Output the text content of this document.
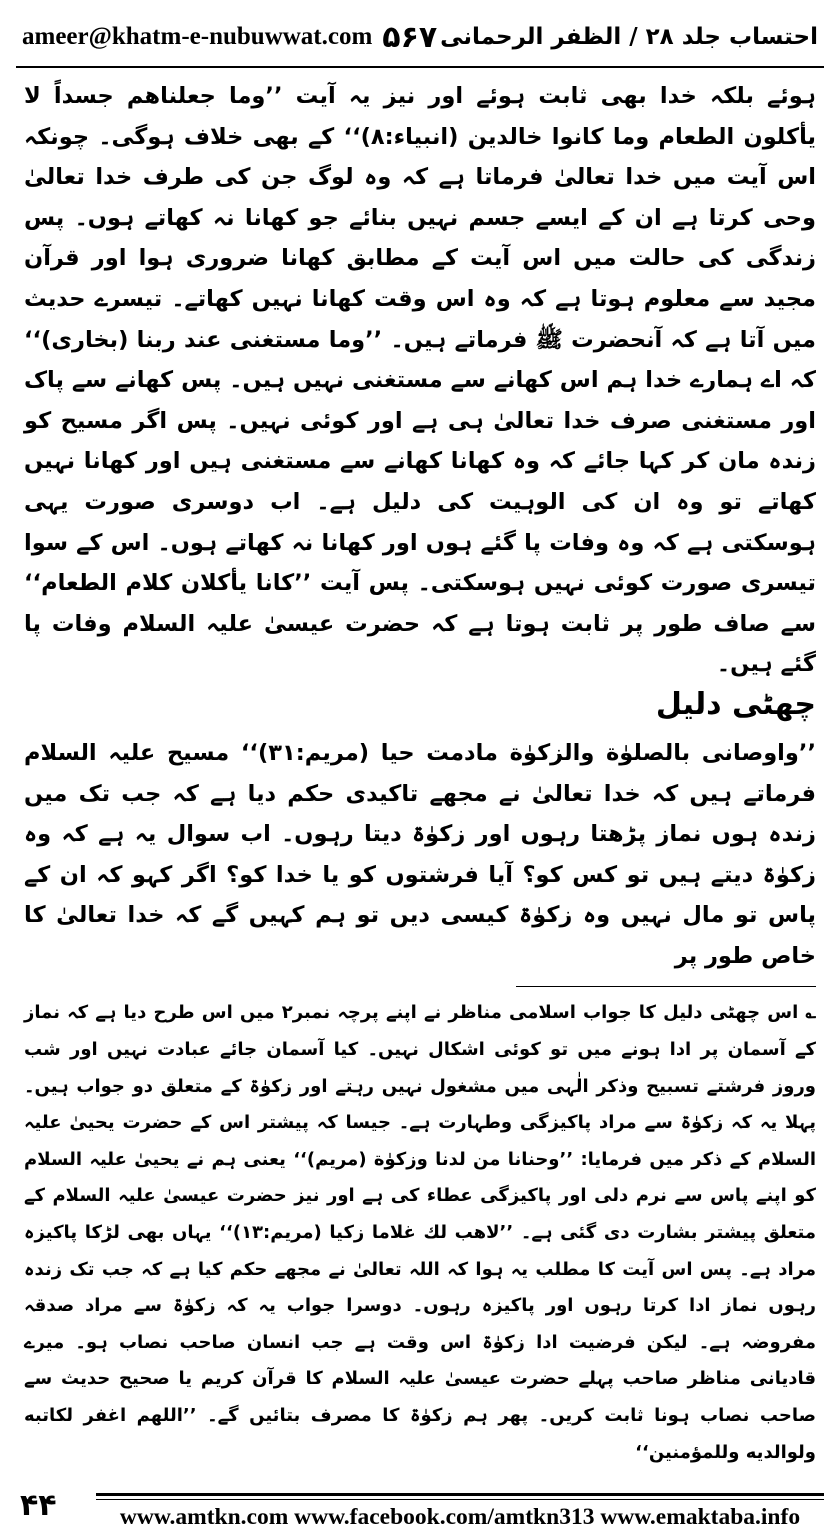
ameer@khatm-e-nubuwwat.com ۵۶۷ احتساب جلد ۲۸ / الظفر الرحمانی

ہوئے بلکہ خدا بھی ثابت ہوئے اور نیز یہ آیت ’’وما جعلناهم جسداً لا يأكلون الطعام وما كانوا خالدين (انبياء:٨)‘‘ کے بھی خلاف ہوگی۔ چونکہ اس آیت میں خدا تعالیٰ فرماتا ہے کہ وہ لوگ جن کی طرف خدا تعالیٰ وحی کرتا ہے ان کے ایسے جسم نہیں بنائے جو کھانا نہ کھاتے ہوں۔ پس زندگی کی حالت میں اس آیت کے مطابق کھانا ضروری ہوا اور قرآن مجید سے معلوم ہوتا ہے کہ وہ اس وقت کھانا نہیں کھاتے۔ تیسرے حدیث میں آتا ہے کہ آنحضرت ﷺ فرماتے ہیں۔ ’’وما مستغنى عند ربنا (بخاری)‘‘ کہ اے ہمارے خدا ہم اس کھانے سے مستغنی نہیں ہیں۔ پس کھانے سے پاک اور مستغنی صرف خدا تعالیٰ ہی ہے اور کوئی نہیں۔ پس اگر مسیح کو زندہ مان کر کہا جائے کہ وہ کھانا کھانے سے مستغنی ہیں اور کھانا نہیں کھاتے تو وہ ان کی الوہیت کی دلیل ہے۔ اب دوسری صورت یہی ہوسکتی ہے کہ وہ وفات پا گئے ہوں اور کھانا نہ کھاتے ہوں۔ اس کے سوا تیسری صورت کوئی نہیں ہوسکتی۔ پس آیت ’’كانا يأكلان كلام الطعام‘‘ سے صاف طور پر ثابت ہوتا ہے کہ حضرت عیسیٰ علیہ السلام وفات پا گئے ہیں۔

چھٹی دلیل

’’واوصانى بالصلوٰة والزكوٰة مادمت حيا (مريم:٣١)‘‘ مسیح علیہ السلام فرماتے ہیں کہ خدا تعالیٰ نے مجھے تاکیدی حکم دیا ہے کہ جب تک میں زندہ ہوں نماز پڑھتا رہوں اور زکوٰۃ دیتا رہوں۔ اب سوال یہ ہے کہ وہ زکوٰۃ دیتے ہیں تو کس کو؟ آیا فرشتوں کو یا خدا کو؟ اگر کہو کہ ان کے پاس تو مال نہیں وہ زکوٰۃ کیسی دیں تو ہم کہیں گے کہ خدا تعالیٰ کا خاص طور پر

؎ اس چھٹی دلیل کا جواب اسلامی مناظر نے اپنے پرچہ نمبر۲ میں اس طرح دیا ہے کہ نماز کے آسمان پر ادا ہونے میں تو کوئی اشکال نہیں۔ کیا آسمان جائے عبادت نہیں اور شب وروز فرشتے تسبیح وذکر الٰہی میں مشغول نہیں رہتے اور زکوٰۃ کے متعلق دو جواب ہیں۔ پہلا یہ کہ زکوٰۃ سے مراد پاکیزگی وطہارت ہے۔ جیسا کہ پیشتر اس کے حضرت یحییٰ علیہ السلام کے ذکر میں فرمایا: ’’وحنانا من لدنا وزكوٰة (مريم)‘‘ یعنی ہم نے یحییٰ علیہ السلام کو اپنے پاس سے نرم دلی اور پاکیزگی عطاء کی ہے اور نیز حضرت عیسیٰ علیہ السلام کے متعلق پیشتر بشارت دی گئی ہے۔ ’’لاهب لك غلاما زكيا (مريم:١٣)‘‘ یہاں بھی لڑکا پاکیزہ مراد ہے۔ پس اس آیت کا مطلب یہ ہوا کہ اللہ تعالیٰ نے مجھے حکم کیا ہے کہ جب تک زندہ رہوں نماز ادا کرتا رہوں اور پاکیزہ رہوں۔ دوسرا جواب یہ کہ زکوٰۃ سے مراد صدقہ مفروضہ ہے۔ لیکن فرضیت ادا زکوٰۃ اس وقت ہے جب انسان صاحب نصاب ہو۔ میرے قادیانی مناظر صاحب پہلے حضرت عیسیٰ علیہ السلام کا قرآن کریم یا صحیح حدیث سے صاحب نصاب ہونا ثابت کریں۔ پھر ہم زکوٰۃ کا مصرف بتائیں گے۔ ’’اللهم اغفر لكاتبه ولوالديه وللمؤمنين‘‘

۴۴	www.amtkn.com www.facebook.com/amtkn313 www.emaktaba.info
